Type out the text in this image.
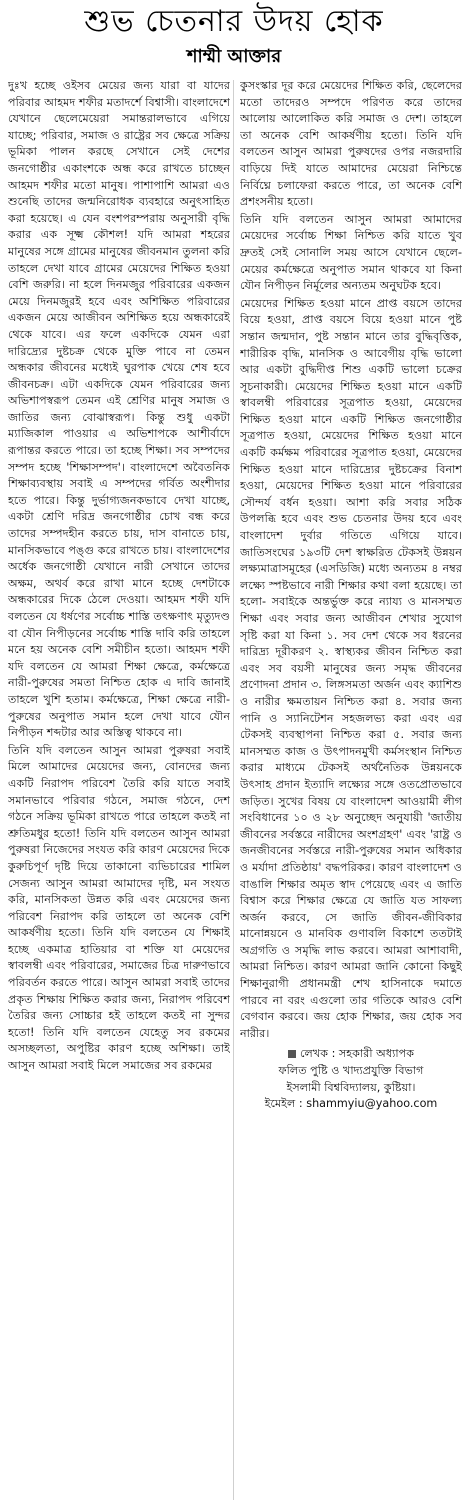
শুভ চেতনার উদয় হোক
শাম্মী আক্তার

দুঃখ হচ্ছে ওইসব মেয়ের জন্য যারা বা যাদের পরিবার আহমদ শফীর মতাদর্শে বিশ্বাসী। বাংলাদেশে যেখানে ছেলেমেয়েরা সমান্তরালভাবে এগিয়ে যাচ্ছে; পরিবার, সমাজ ও রাষ্ট্রের সব ক্ষেত্রে সক্রিয় ভূমিকা পালন করছে সেখানে সেই দেশের জনগোষ্ঠীর একাংশকে অন্ধ করে রাখতে চাচ্ছেন আহমদ শফীর মতো মানুষ। পাশাপাশি আমরা এও শুনেছি তাদের জন্মনিরোধক ব্যবহারে অনুৎসাহিত করা হয়েছে। এ যেন বংশপরম্পরায় অনুসারী বৃদ্ধি করার এক সূক্ষ্ম কৌশল! যদি আমরা শহরের মানুষের সঙ্গে গ্রামের মানুষের জীবনমান তুলনা করি তাহলে দেখা যাবে গ্রামের মেয়েদের শিক্ষিত হওয়া বেশি জরুরি। না হলে দিনমজুর পরিবারের একজন মেয়ে দিনমজুরই হবে এবং অশিক্ষিত পরিবারের একজন মেয়ে আজীবন অশিক্ষিত হয়ে অন্ধকারেই থেকে যাবে। এর ফলে একদিকে যেমন এরা দারিদ্র্যের দুষ্টচক্র থেকে মুক্তি পাবে না তেমন অন্ধকার জীবনের মধ্যেই ঘুরপাক খেয়ে শেষ হবে জীবনচক্র। এটা একদিকে যেমন পরিবারের জন্য অভিশাপস্বরূপ তেমন এই শ্রেণির মানুষ সমাজ ও জাতির জন্য বোঝাস্বরূপ। কিন্তু শুধু একটা ম্যাজিকাল পাওয়ার এ অভিশাপকে আশীর্বাদে রূপান্তর করতে পারে। তা হচ্ছে শিক্ষা। সব সম্পদের সম্পদ হচ্ছে 'শিক্ষাসম্পদ'। বাংলাদেশে অবৈতনিক শিক্ষাব্যবস্থায় সবাই এ সম্পদের গর্বিত অংশীদার হতে পারে। কিন্তু দুর্ভাগ্যজনকভাবে দেখা যাচ্ছে, একটা শ্রেণি দরিদ্র জনগোষ্ঠীর চোখ বন্ধ করে তাদের সম্পদহীন করতে চায়, দাস বানাতে চায়, মানসিকভাবে পঙ্গু করে রাখতে চায়। বাংলাদেশের অর্ধেক জনগোষ্ঠী যেখানে নারী সেখানে তাদের অক্ষম, অথর্ব করে রাখা মানে হচ্ছে দেশটাকে অন্ধকারের দিকে ঠেলে দেওয়া। আহমদ শফী যদি বলতেন যে ধর্ষণের সর্বোচ্চ শাস্তি তৎক্ষণাৎ মৃত্যুদণ্ড বা যৌন নিপীড়নের সর্বোচ্চ শাস্তি দাবি করি তাহলে মনে হয় অনেক বেশি সমীচীন হতো। আহমদ শফী যদি বলতেন যে আমরা শিক্ষা ক্ষেত্রে, কর্মক্ষেত্রে নারী-পুরুষের সমতা নিশ্চিত হোক এ দাবি জানাই তাহলে খুশি হতাম। কর্মক্ষেত্রে, শিক্ষা ক্ষেত্রে নারী-পুরুষের অনুপাত সমান হলে দেখা যাবে যৌন নিপীড়ন শব্দটার আর অস্তিত্ব থাকবে না।

তিনি যদি বলতেন আসুন আমরা পুরুষরা সবাই মিলে আমাদের মেয়েদের জন্য, বোনদের জন্য একটি নিরাপদ পরিবেশ তৈরি করি যাতে সবাই সমানভাবে পরিবার গঠনে, সমাজ গঠনে, দেশ গঠনে সক্রিয় ভূমিকা রাখতে পারে তাহলে কতই না শ্রুতিমধুর হতো! তিনি যদি বলতেন আসুন আমরা পুরুষরা নিজেদের সংযত করি কারণ মেয়েদের দিকে কুরুচিপূর্ণ দৃষ্টি দিয়ে তাকানো ব্যভিচারের শামিল সেজন্য আসুন আমরা আমাদের দৃষ্টি, মন সংযত করি, মানসিকতা উন্নত করি এবং মেয়েদের জন্য পরিবেশ নিরাপদ করি তাহলে তা অনেক বেশি আকর্ষণীয় হতো। তিনি যদি বলতেন যে শিক্ষাই হচ্ছে একমাত্র হাতিয়ার বা শক্তি যা মেয়েদের স্বাবলম্বী এবং পরিবারের, সমাজের চিত্র দারুণভাবে পরিবর্তন করতে পারে। আসুন আমরা সবাই তাদের প্রকৃত শিক্ষায় শিক্ষিত করার জন্য, নিরাপদ পরিবেশ তৈরির জন্য সোচ্চার হই তাহলে কতই না সুন্দর হতো! তিনি যদি বলতেন যেহেতু সব রকমের অসচ্ছলতা, অপুষ্টির কারণ হচ্ছে অশিক্ষা। তাই আসুন আমরা সবাই মিলে সমাজের সব রকমের

কুসংস্কার দূর করে মেয়েদের শিক্ষিত করি, ছেলেদের মতো তাদেরও সম্পদে পরিণত করে তাদের আলোয় আলোকিত করি সমাজ ও দেশ। তাহলে তা অনেক বেশি আকর্ষণীয় হতো। তিনি যদি বলতেন আসুন আমরা পুরুষদের ওপর নজরদারি বাড়িয়ে দিই যাতে আমাদের মেয়েরা নিশ্চিন্তে নির্বিঘ্নে চলাফেরা করতে পারে, তা অনেক বেশি প্রশংসনীয় হতো।

তিনি যদি বলতেন আসুন আমরা আমাদের মেয়েদের সর্বোচ্চ শিক্ষা নিশ্চিত করি যাতে খুব দ্রুতই সেই সোনালি সময় আসে যেখানে ছেলে-মেয়ের কর্মক্ষেত্রে অনুপাত সমান থাকবে যা কিনা যৌন নিপীড়ন নির্মূলের অন্যতম অনুঘটক হবে।

মেয়েদের শিক্ষিত হওয়া মানে প্রাপ্ত বয়সে তাদের বিয়ে হওয়া, প্রাপ্ত বয়সে বিয়ে হওয়া মানে পুষ্ট সন্তান জন্মদান, পুষ্ট সন্তান মানে তার বুদ্ধিবৃত্তিক, শারীরিক বৃদ্ধি, মানসিক ও আবেগীয় বৃদ্ধি ভালো আর একটা বুদ্ধিদীপ্ত শিশু একটি ভালো চক্রের সূচনাকারী। মেয়েদের শিক্ষিত হওয়া মানে একটি স্বাবলম্বী পরিবারের সূত্রপাত হওয়া, মেয়েদের শিক্ষিত হওয়া মানে একটি শিক্ষিত জনগোষ্ঠীর সূত্রপাত হওয়া, মেয়েদের শিক্ষিত হওয়া মানে একটি কর্মক্ষম পরিবারের সূত্রপাত হওয়া, মেয়েদের শিক্ষিত হওয়া মানে দারিদ্র্যের দুষ্টচক্রের বিনাশ হওয়া, মেয়েদের শিক্ষিত হওয়া মানে পরিবারের সৌন্দর্য বর্ধন হওয়া। আশা করি সবার সঠিক উপলব্ধি হবে এবং শুভ চেতনার উদয় হবে এবং বাংলাদেশ দুর্বার গতিতে এগিয়ে যাবে। জাতিসংঘের ১৯৩টি দেশ স্বাক্ষরিত টেকসই উন্নয়ন লক্ষ্যমাত্রাসমূহের (এসডিজি) মধ্যে অন্যতম ৪ নম্বর লক্ষ্যে স্পষ্টভাবে নারী শিক্ষার কথা বলা হয়েছে। তা হলো- সবাইকে অন্তর্ভুক্ত করে ন্যায্য ও মানসম্মত শিক্ষা এবং সবার জন্য আজীবন শেখার সুযোগ সৃষ্টি করা যা কিনা ১. সব দেশ থেকে সব ধরনের দারিদ্র্য দূরীকরণ ২. স্বাস্থ্যকর জীবন নিশ্চিত করা এবং সব বয়সী মানুষের জন্য সমৃদ্ধ জীবনের প্রণোদনা প্রদান ৩. লিঙ্গসমতা অর্জন এবং ক্যাশিশু ও নারীর ক্ষমতায়ন নিশ্চিত করা ৪. সবার জন্য পানি ও স্যানিটেশন সহজলভ্য করা এবং এর টেকসই ব্যবস্থাপনা নিশ্চিত করা ৫. সবার জন্য মানসম্মত কাজ ও উৎপাদনমুখী কর্মসংস্থান নিশ্চিত করার মাধ্যমে টেকসই অর্থনৈতিক উন্নয়নকে উৎসাহ প্রদান ইত্যাদি লক্ষ্যের সঙ্গে ওতপ্রোতভাবে জড়িত। সুখের বিষয় যে বাংলাদেশ আওয়ামী লীগ সংবিধানের ১০ ও ২৮ অনুচ্ছেদ অনুযায়ী 'জাতীয় জীবনের সর্বস্তরে নারীদের অংশগ্রহণ' এবং 'রাষ্ট্র ও জনজীবনের সর্বস্তরে নারী-পুরুষের সমান অধিকার ও মর্যাদা প্রতিষ্ঠায়' বদ্ধপরিকর। কারণ বাংলাদেশ ও বাঙালি শিক্ষার অমৃত স্বাদ পেয়েছে এবং এ জাতি বিশ্বাস করে শিক্ষার ক্ষেত্রে যে জাতি যত সাফল্য অর্জন করবে, সে জাতি জীবন-জীবিকার মানোন্নয়নে ও মানবিক গুণাবলি বিকাশে ততটাই অগ্রগতি ও সমৃদ্ধি লাভ করবে। আমরা আশাবাদী, আমরা নিশ্চিত। কারণ আমরা জানি কোনো কিছুই শিক্ষানুরাগী প্রধানমন্ত্রী শেখ হাসিনাকে দমাতে পারবে না বরং এগুলো তার গতিকে আরও বেশি বেগবান করবে। জয় হোক শিক্ষার, জয় হোক সব নারীর।

লেখক : সহকারী অধ্যাপক
ফলিত পুষ্টি ও খাদ্যপ্রযুক্তি বিভাগ
ইসলামী বিশ্ববিদ্যালয়, কুষ্টিয়া।
ইমেইল : shammyiu@yahoo.com
